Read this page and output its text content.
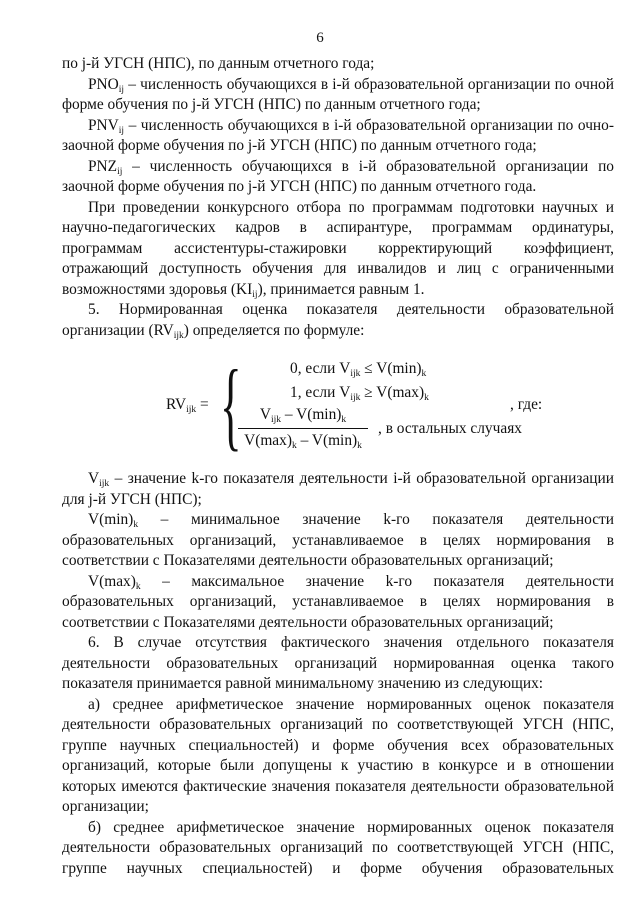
6

по j-й УГСН (НПС), по данным отчетного года;

$PNO_{ij}$ – численность обучающихся в i-й образовательной организации по очной форме обучения по j-й УГСН (НПС) по данным отчетного года;

$PNV_{ij}$ – численность обучающихся в i-й образовательной организации по очно-заочной форме обучения по j-й УГСН (НПС) по данным отчетного года;

$PNZ_{ij}$ – численность обучающихся в i-й образовательной организации по заочной форме обучения по j-й УГСН (НПС) по данным отчетного года.

При проведении конкурсного отбора по программам подготовки научных и научно-педагогических кадров в аспирантуре, программам ординатуры, программам ассистентуры-стажировки корректирующий коэффициент, отражающий доступность обучения для инвалидов и лиц с ограниченными возможностями здоровья $(KI_{ij})$, принимается равным 1.

5. Нормированная оценка показателя деятельности образовательной организации $(RV_{ijk})$ определяется по формуле:

$RV_{ijk}$ = {	0, если $V_{ijk} \le V(\min)_k$
1, если $V_{ijk} \ge V(\max)_k$
$V_{ijk} - V(\min)_k$
$V(\max)_k - V(\min)_k$
, в остальных случаях
, где:

$V_{ijk}$ – значение k-го показателя деятельности i-й образовательной организации для j-й УГСН (НПС);

$V(\min)_k$ – минимальное значение k-го показателя деятельности образовательных организаций, устанавливаемое в целях нормирования в соответствии с Показателями деятельности образовательных организаций;

$V(\max)_k$ – максимальное значение k-го показателя деятельности образовательных организаций, устанавливаемое в целях нормирования в соответствии с Показателями деятельности образовательных организаций;

6. В случае отсутствия фактического значения отдельного показателя деятельности образовательных организаций нормированная оценка такого показателя принимается равной минимальному значению из следующих:

а) среднее арифметическое значение нормированных оценок показателя деятельности образовательных организаций по соответствующей УГСН (НПС, группе научных специальностей) и форме обучения всех образовательных организаций, которые были допущены к участию в конкурсе и в отношении которых имеются фактические значения показателя деятельности образовательной организации;

б) среднее арифметическое значение нормированных оценок показателя деятельности образовательных организаций по соответствующей УГСН (НПС, группе научных специальностей) и форме обучения образовательных
